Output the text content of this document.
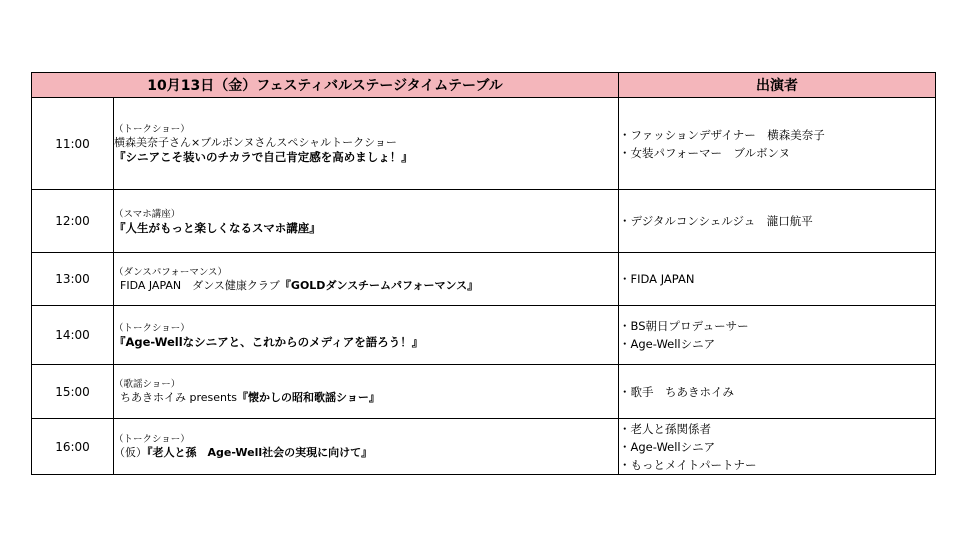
10月13日（金）フェスティバルステージタイムテーブル		出演者
11:00	（トークショー）
横森美奈子さん×ブルボンヌさんスペシャルトークショー
『シニアこそ装いのチカラで自己肯定感を高めましょ！』	・ファッションデザイナー　横森美奈子
・女装パフォーマー　ブルボンヌ

12:00	（スマホ講座）
『人生がもっと楽しくなるスマホ講座』	・デジタルコンシェルジュ　瀧口航平

13:00	（ダンスパフォーマンス）
FIDA JAPAN　ダンス健康クラブ『GOLDダンスチームパフォーマンス』	・FIDA JAPAN

14:00	（トークショー）
『Age-Wellなシニアと、これからのメディアを語ろう！』	・BS朝日プロデューサー
・Age-Wellシニア

15:00	（歌謡ショー）
ちあきホイみ presents『懐かしの昭和歌謡ショー』	・歌手　ちあきホイみ

16:00	（トークショー）
（仮）『老人と孫　Age-Well社会の実現に向けて』	・老人と孫関係者
・Age-Wellシニア
・もっとメイトパートナー
